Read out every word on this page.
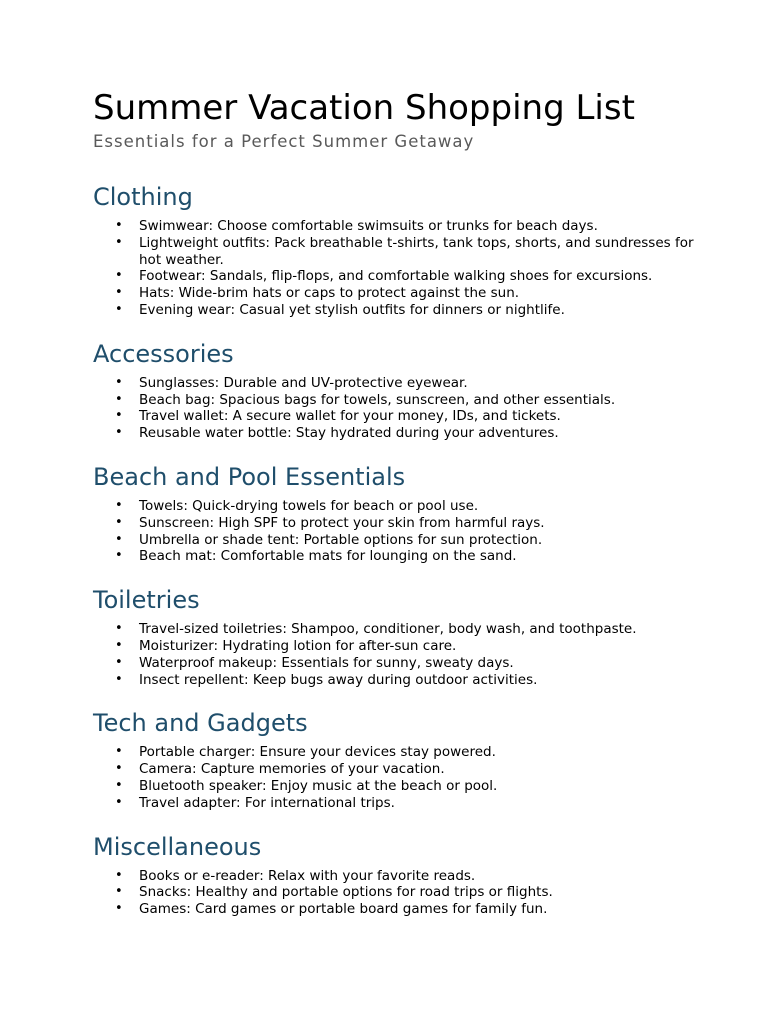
Summer Vacation Shopping List

Essentials for a Perfect Summer Getaway

Clothing
• Swimwear: Choose comfortable swimsuits or trunks for beach days.
• Lightweight outfits: Pack breathable t-shirts, tank tops, shorts, and sundresses for hot weather.
• Footwear: Sandals, flip-flops, and comfortable walking shoes for excursions.
• Hats: Wide-brim hats or caps to protect against the sun.
• Evening wear: Casual yet stylish outfits for dinners or nightlife.
Accessories
• Sunglasses: Durable and UV-protective eyewear.
• Beach bag: Spacious bags for towels, sunscreen, and other essentials.
• Travel wallet: A secure wallet for your money, IDs, and tickets.
• Reusable water bottle: Stay hydrated during your adventures.
Beach and Pool Essentials
• Towels: Quick-drying towels for beach or pool use.
• Sunscreen: High SPF to protect your skin from harmful rays.
• Umbrella or shade tent: Portable options for sun protection.
• Beach mat: Comfortable mats for lounging on the sand.
Toiletries
• Travel-sized toiletries: Shampoo, conditioner, body wash, and toothpaste.
• Moisturizer: Hydrating lotion for after-sun care.
• Waterproof makeup: Essentials for sunny, sweaty days.
• Insect repellent: Keep bugs away during outdoor activities.
Tech and Gadgets
• Portable charger: Ensure your devices stay powered.
• Camera: Capture memories of your vacation.
• Bluetooth speaker: Enjoy music at the beach or pool.
• Travel adapter: For international trips.
Miscellaneous
• Books or e-reader: Relax with your favorite reads.
• Snacks: Healthy and portable options for road trips or flights.
• Games: Card games or portable board games for family fun.
